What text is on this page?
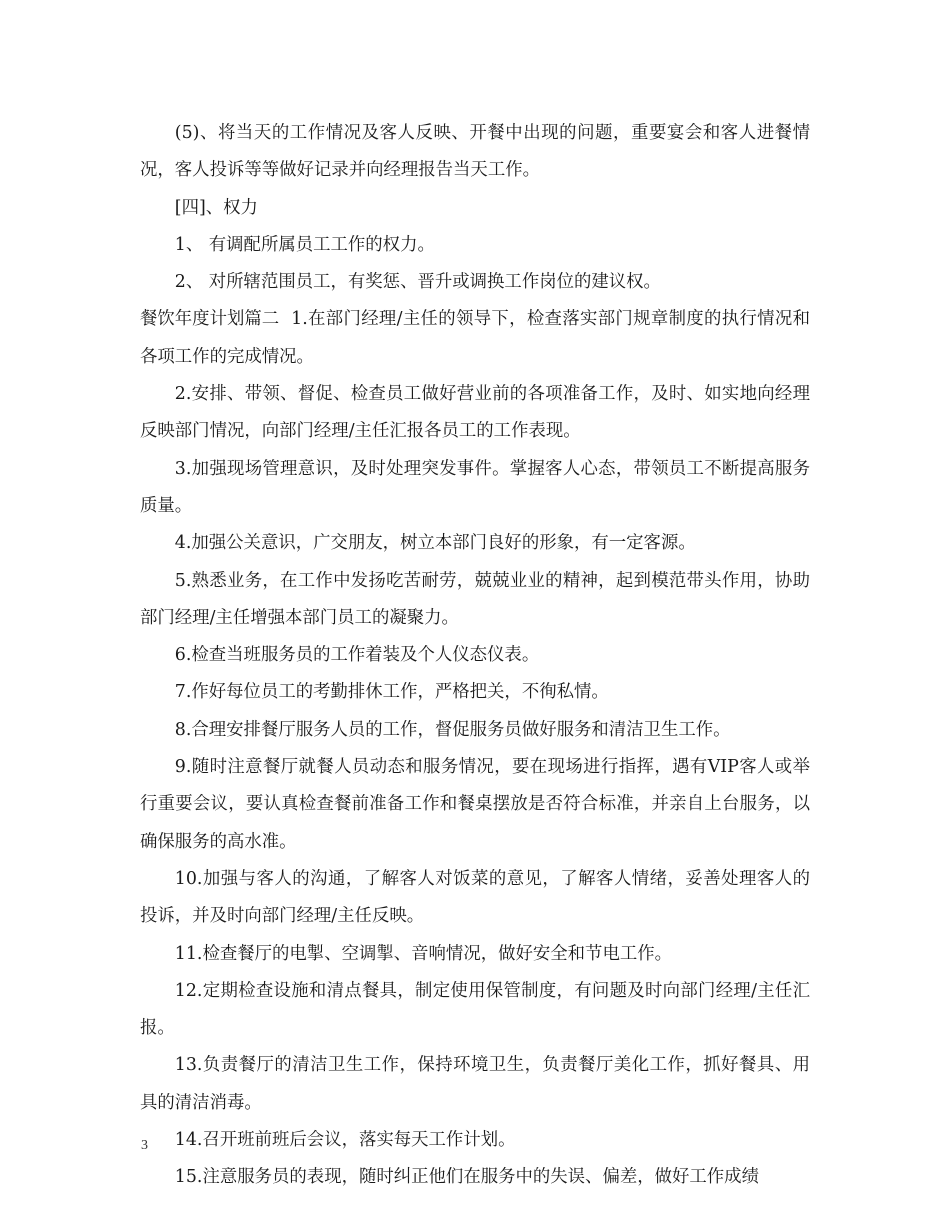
(5)、将当天的工作情况及客人反映、开餐中出现的问题，重要宴会和客人进餐情况，客人投诉等等做好记录并向经理报告当天工作。

[四]、权力

1、 有调配所属员工工作的权力。

2、 对所辖范围员工，有奖惩、晋升或调换工作岗位的建议权。

餐饮年度计划篇二 1.在部门经理/主任的领导下，检查落实部门规章制度的执行情况和各项工作的完成情况。

2.安排、带领、督促、检查员工做好营业前的各项准备工作，及时、如实地向经理反映部门情况，向部门经理/主任汇报各员工的工作表现。

3.加强现场管理意识，及时处理突发事件。掌握客人心态，带领员工不断提高服务质量。

4.加强公关意识，广交朋友，树立本部门良好的形象，有一定客源。

5.熟悉业务，在工作中发扬吃苦耐劳，兢兢业业的精神，起到模范带头作用，协助部门经理/主任增强本部门员工的凝聚力。

6.检查当班服务员的工作着装及个人仪态仪表。

7.作好每位员工的考勤排休工作，严格把关，不徇私情。

8.合理安排餐厅服务人员的工作，督促服务员做好服务和清洁卫生工作。

9.随时注意餐厅就餐人员动态和服务情况，要在现场进行指挥，遇有VIP客人或举行重要会议，要认真检查餐前准备工作和餐桌摆放是否符合标准，并亲自上台服务，以确保服务的高水准。

10.加强与客人的沟通，了解客人对饭菜的意见，了解客人情绪，妥善处理客人的投诉，并及时向部门经理/主任反映。

11.检查餐厅的电掣、空调掣、音响情况，做好安全和节电工作。

12.定期检查设施和清点餐具，制定使用保管制度，有问题及时向部门经理/主任汇报。

13.负责餐厅的清洁卫生工作，保持环境卫生，负责餐厅美化工作，抓好餐具、用具的清洁消毒。

14.召开班前班后会议，落实每天工作计划。

15.注意服务员的表现，随时纠正他们在服务中的失误、偏差，做好工作成绩

3
